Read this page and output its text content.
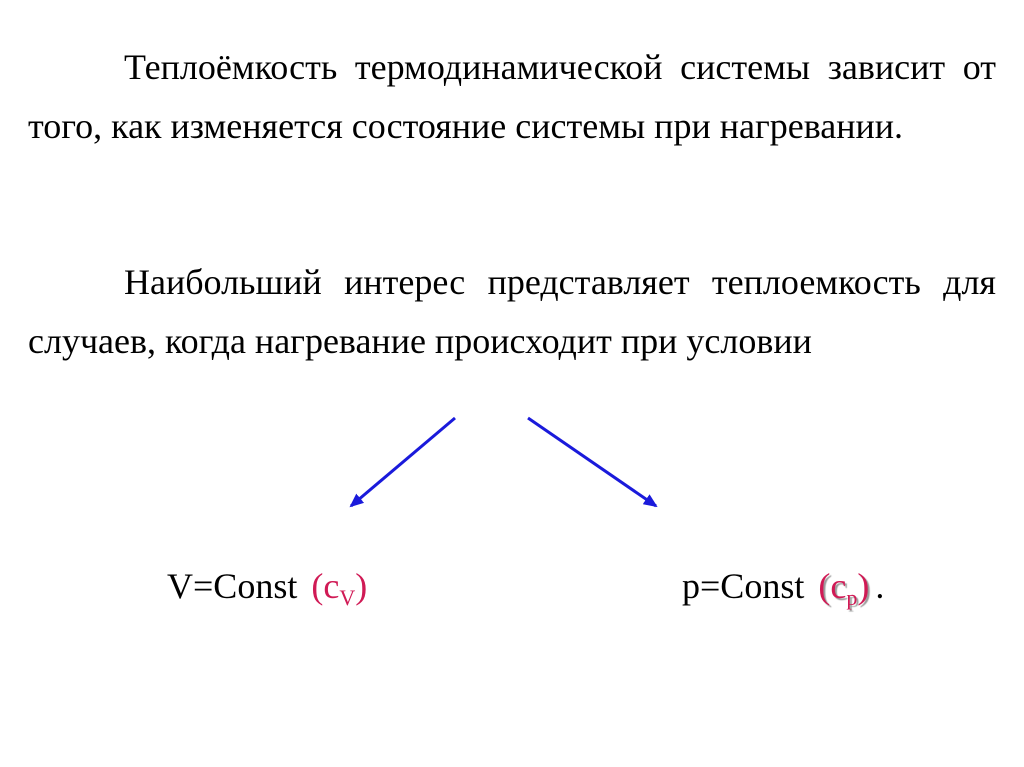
Теплоёмкость термодинамической системы зависит от того, как изменяется состояние системы при нагревании.

Наибольший интерес представляет теплоемкость для случаев, когда нагревание происходит при условии

V=Const $(c_V)$	p=Const $(c_p)$ .
